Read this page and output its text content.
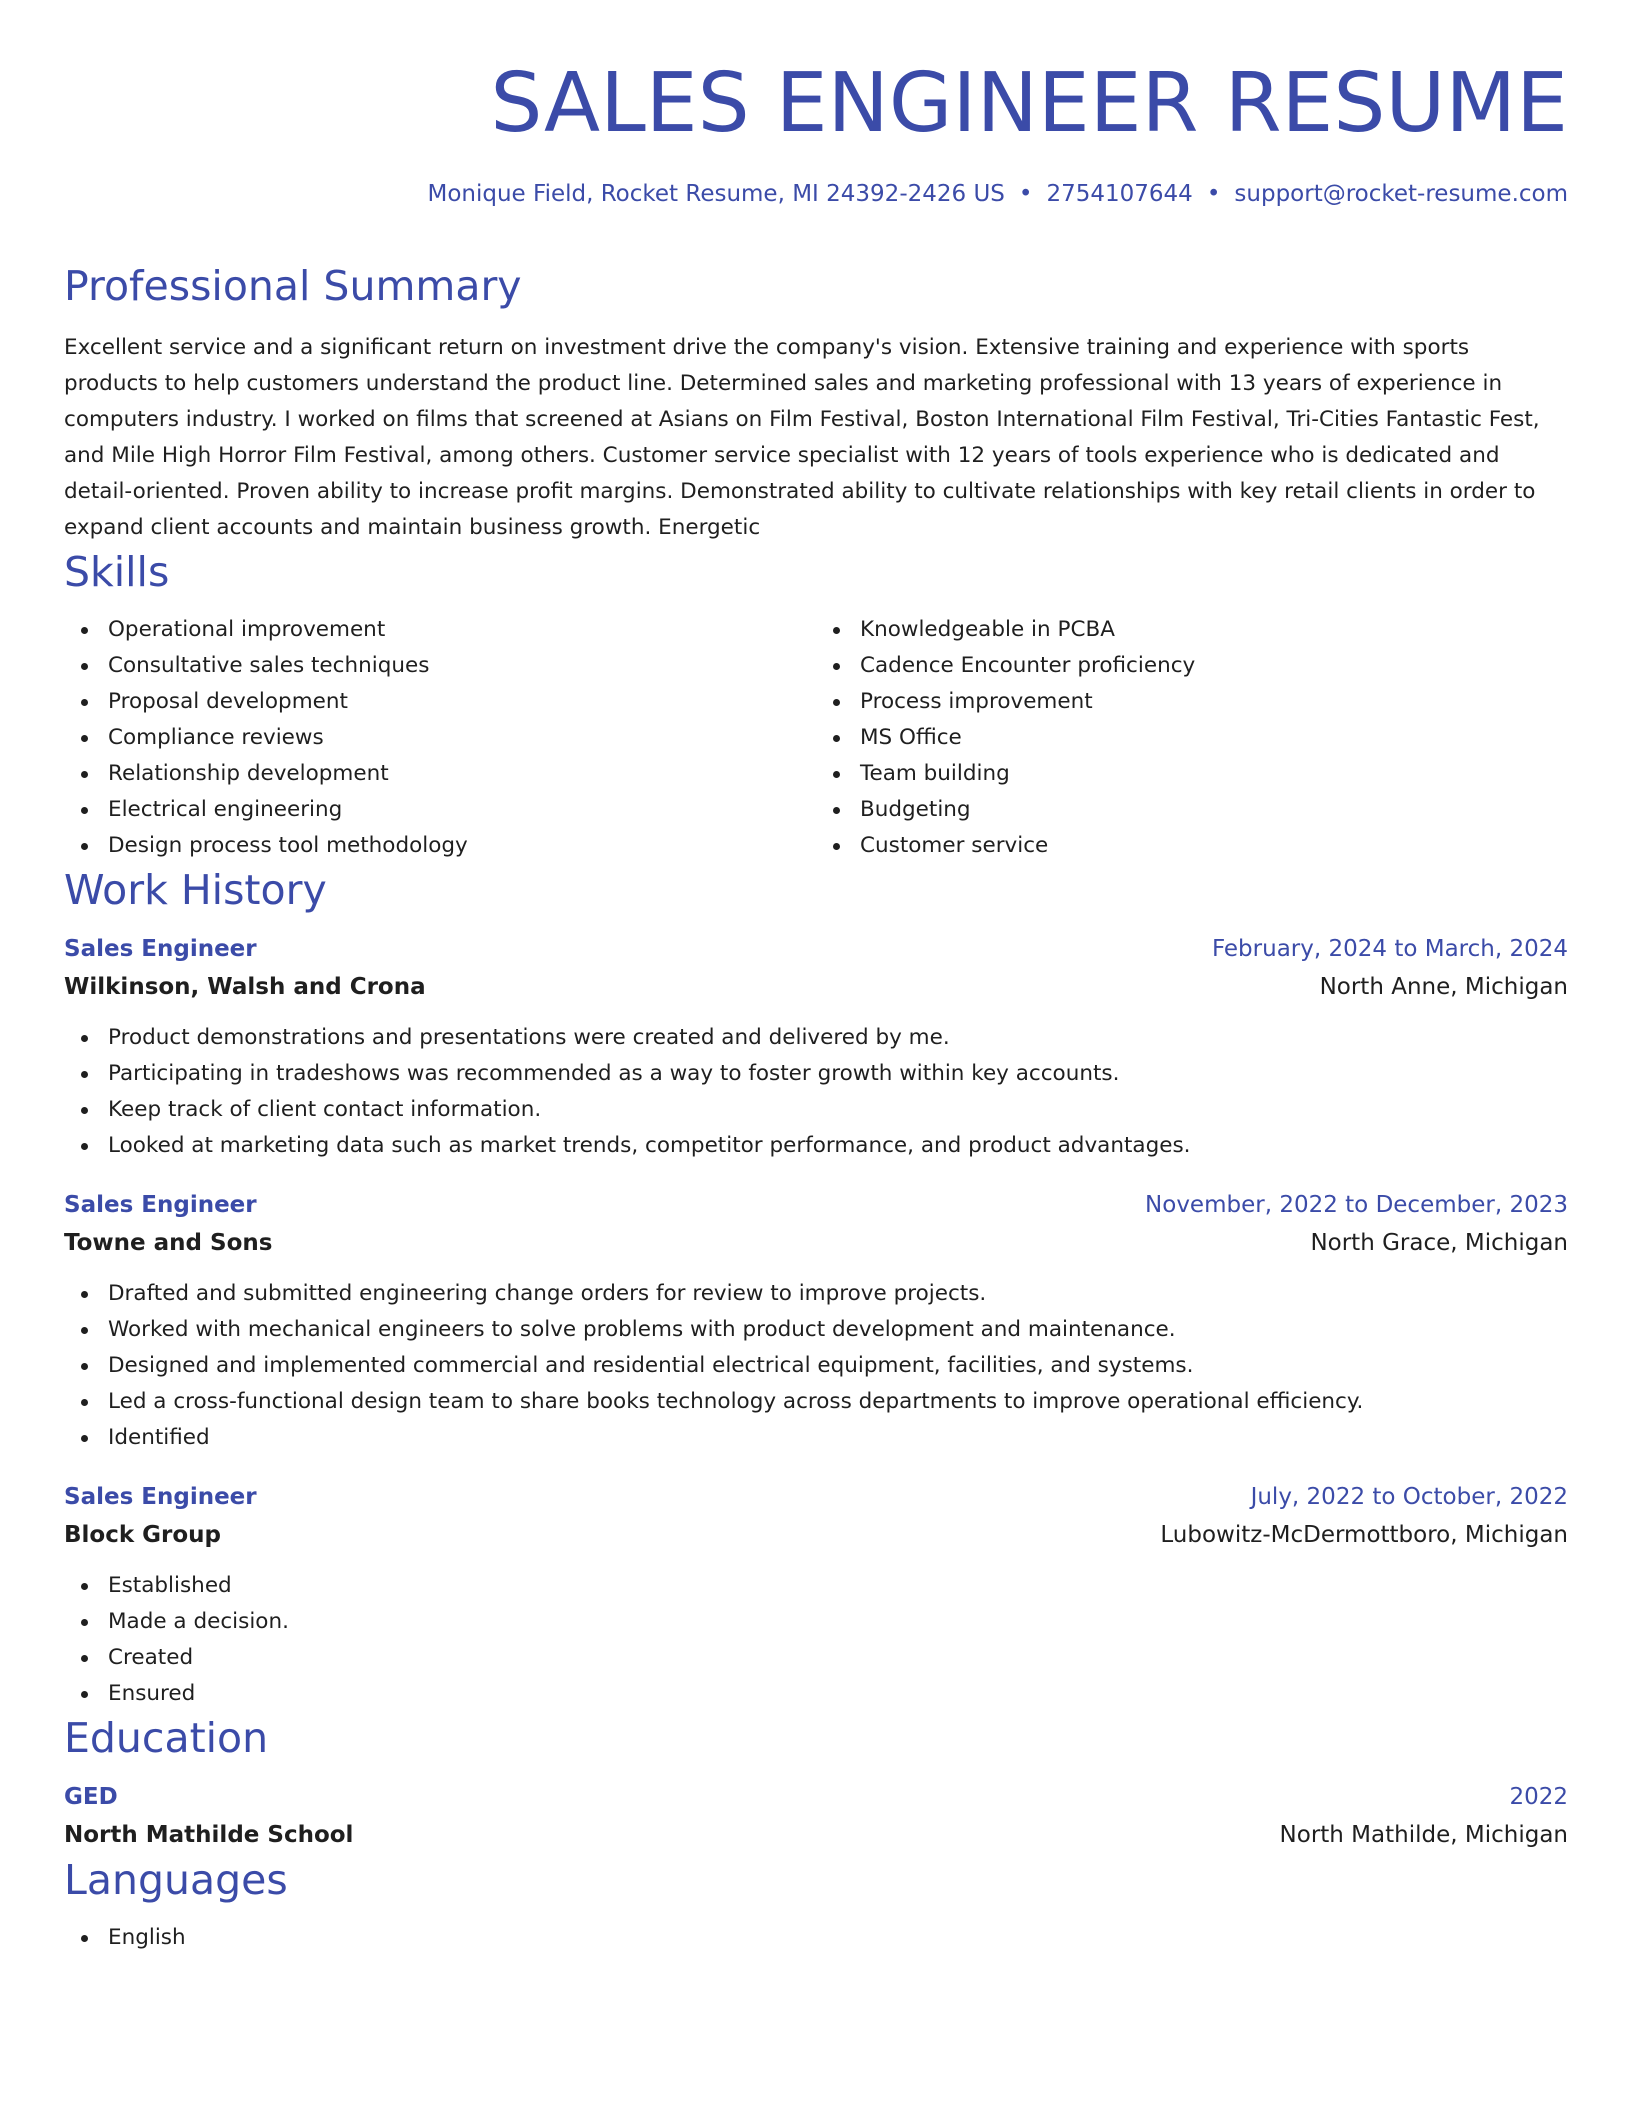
SALES ENGINEER RESUME
Monique Field, Rocket Resume, MI 24392-2426 US • 2754107644 • support@rocket-resume.com
Professional Summary
Excellent service and a significant return on investment drive the company's vision. Extensive training and experience with sports products to help customers understand the product line. Determined sales and marketing professional with 13 years of experience in computers industry. I worked on films that screened at Asians on Film Festival, Boston International Film Festival, Tri-Cities Fantastic Fest, and Mile High Horror Film Festival, among others. Customer service specialist with 12 years of tools experience who is dedicated and detail-oriented. Proven ability to increase profit margins. Demonstrated ability to cultivate relationships with key retail clients in order to expand client accounts and maintain business growth. Energetic
Skills
Operational improvement
Consultative sales techniques
Proposal development
Compliance reviews
Relationship development
Electrical engineering
Design process tool methodology
Knowledgeable in PCBA
Cadence Encounter proficiency
Process improvement
MS Office
Team building
Budgeting
Customer service
Work History
Sales Engineer	February, 2024 to March, 2024
Wilkinson, Walsh and Crona	North Anne, Michigan
Product demonstrations and presentations were created and delivered by me.
Participating in tradeshows was recommended as a way to foster growth within key accounts.
Keep track of client contact information.
Looked at marketing data such as market trends, competitor performance, and product advantages.
Sales Engineer	November, 2022 to December, 2023
Towne and Sons	North Grace, Michigan
Drafted and submitted engineering change orders for review to improve projects.
Worked with mechanical engineers to solve problems with product development and maintenance.
Designed and implemented commercial and residential electrical equipment, facilities, and systems.
Led a cross-functional design team to share books technology across departments to improve operational efficiency.
Identified
Sales Engineer	July, 2022 to October, 2022
Block Group	Lubowitz-McDermottboro, Michigan
Established
Made a decision.
Created
Ensured
Education
GED	2022
North Mathilde School	North Mathilde, Michigan
Languages
English
